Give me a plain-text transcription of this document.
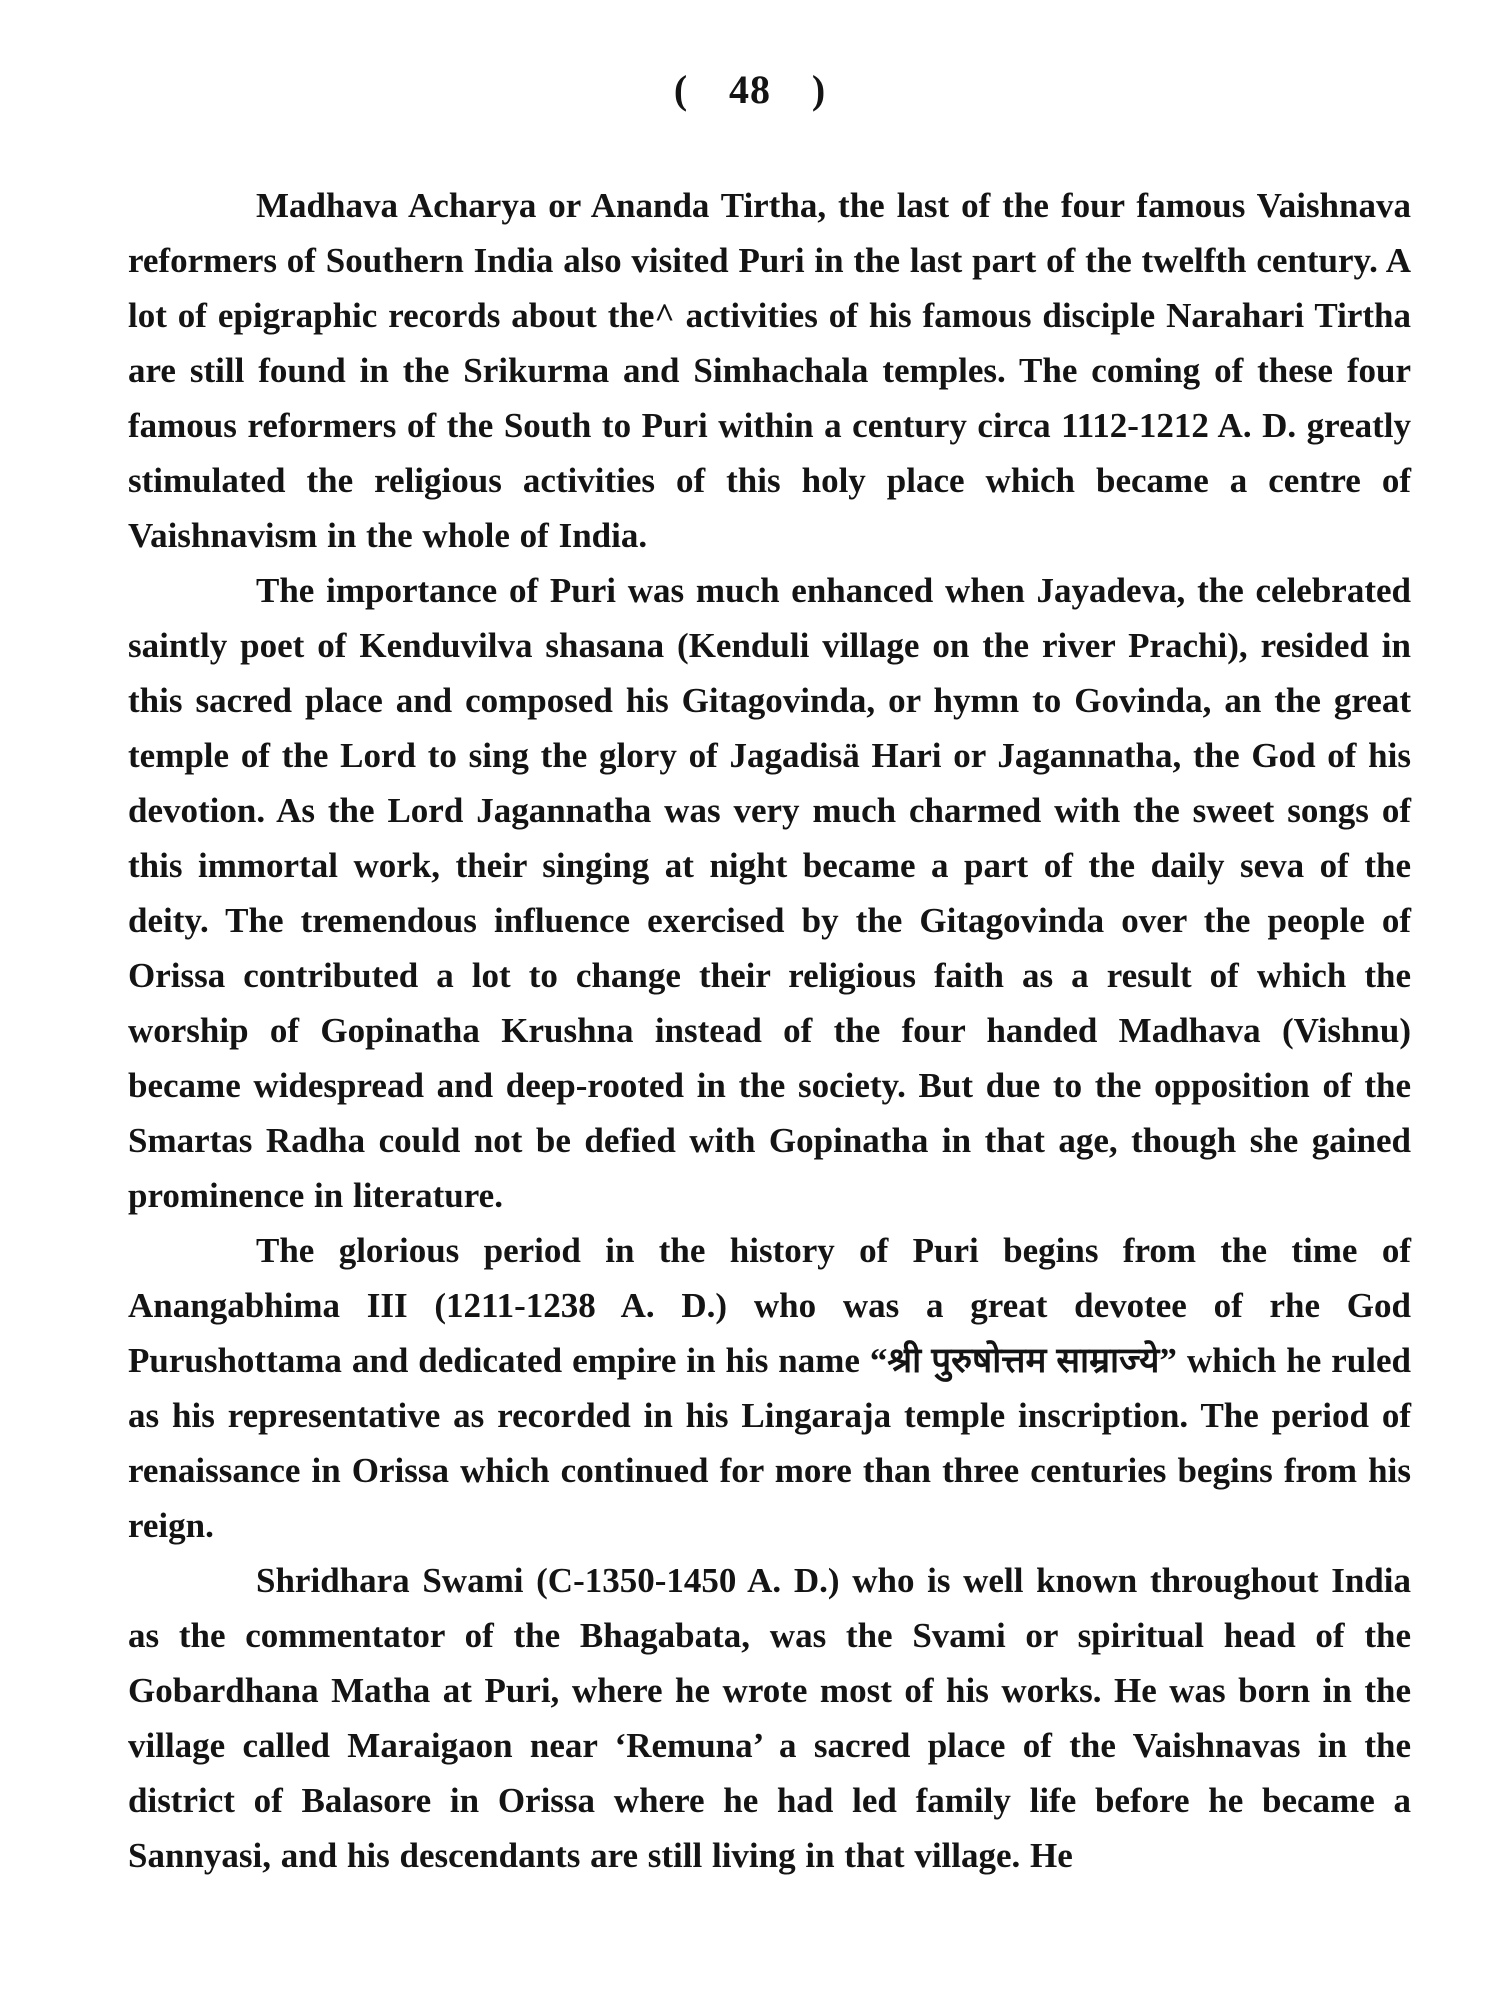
( 48 )

Madhava Acharya or Ananda Tirtha, the last of the four famous Vaishnava reformers of Southern India also visited Puri in the last part of the twelfth century. A lot of epigraphic records about the^ activities of his famous disciple Narahari Tirtha are still found in the Srikurma and Simhachala temples. The coming of these four famous reformers of the South to Puri within a century circa 1112-1212 A. D. greatly stimulated the religious activities of this holy place which became a centre of Vaishnavism in the whole of India.

The importance of Puri was much enhanced when Jayadeva, the celebrated saintly poet of Kenduvilva shasana (Kenduli village on the river Prachi), resided in this sacred place and composed his Gitagovinda, or hymn to Govinda, an the great temple of the Lord to sing the glory of Jagadisä Hari or Jagannatha, the God of his devotion. As the Lord Jagannatha was very much charmed with the sweet songs of this immortal work, their singing at night became a part of the daily seva of the deity. The tremendous influence exercised by the Gitagovinda over the people of Orissa contributed a lot to change their religious faith as a result of which the worship of Gopinatha Krushna instead of the four handed Madhava (Vishnu) became widespread and deep-rooted in the society. But due to the opposition of the Smartas Radha could not be defied with Gopinatha in that age, though she gained prominence in literature.

The glorious period in the history of Puri begins from the time of Anangabhima III (1211-1238 A. D.) who was a great devotee of rhe God Purushottama and dedicated empire in his name “श्री पुरुषोत्तम साम्राज्ये” which he ruled as his representative as recorded in his Lingaraja temple inscription. The period of renaissance in Orissa which continued for more than three centuries begins from his reign.

Shridhara Swami (C-1350-1450 A. D.) who is well known throughout India as the commentator of the Bhagabata, was the Svami or spiritual head of the Gobardhana Matha at Puri, where he wrote most of his works. He was born in the village called Maraigaon near ‘Remuna’ a sacred place of the Vaishnavas in the district of Balasore in Orissa where he had led family life before he became a Sannyasi, and his descendants are still living in that village. He
